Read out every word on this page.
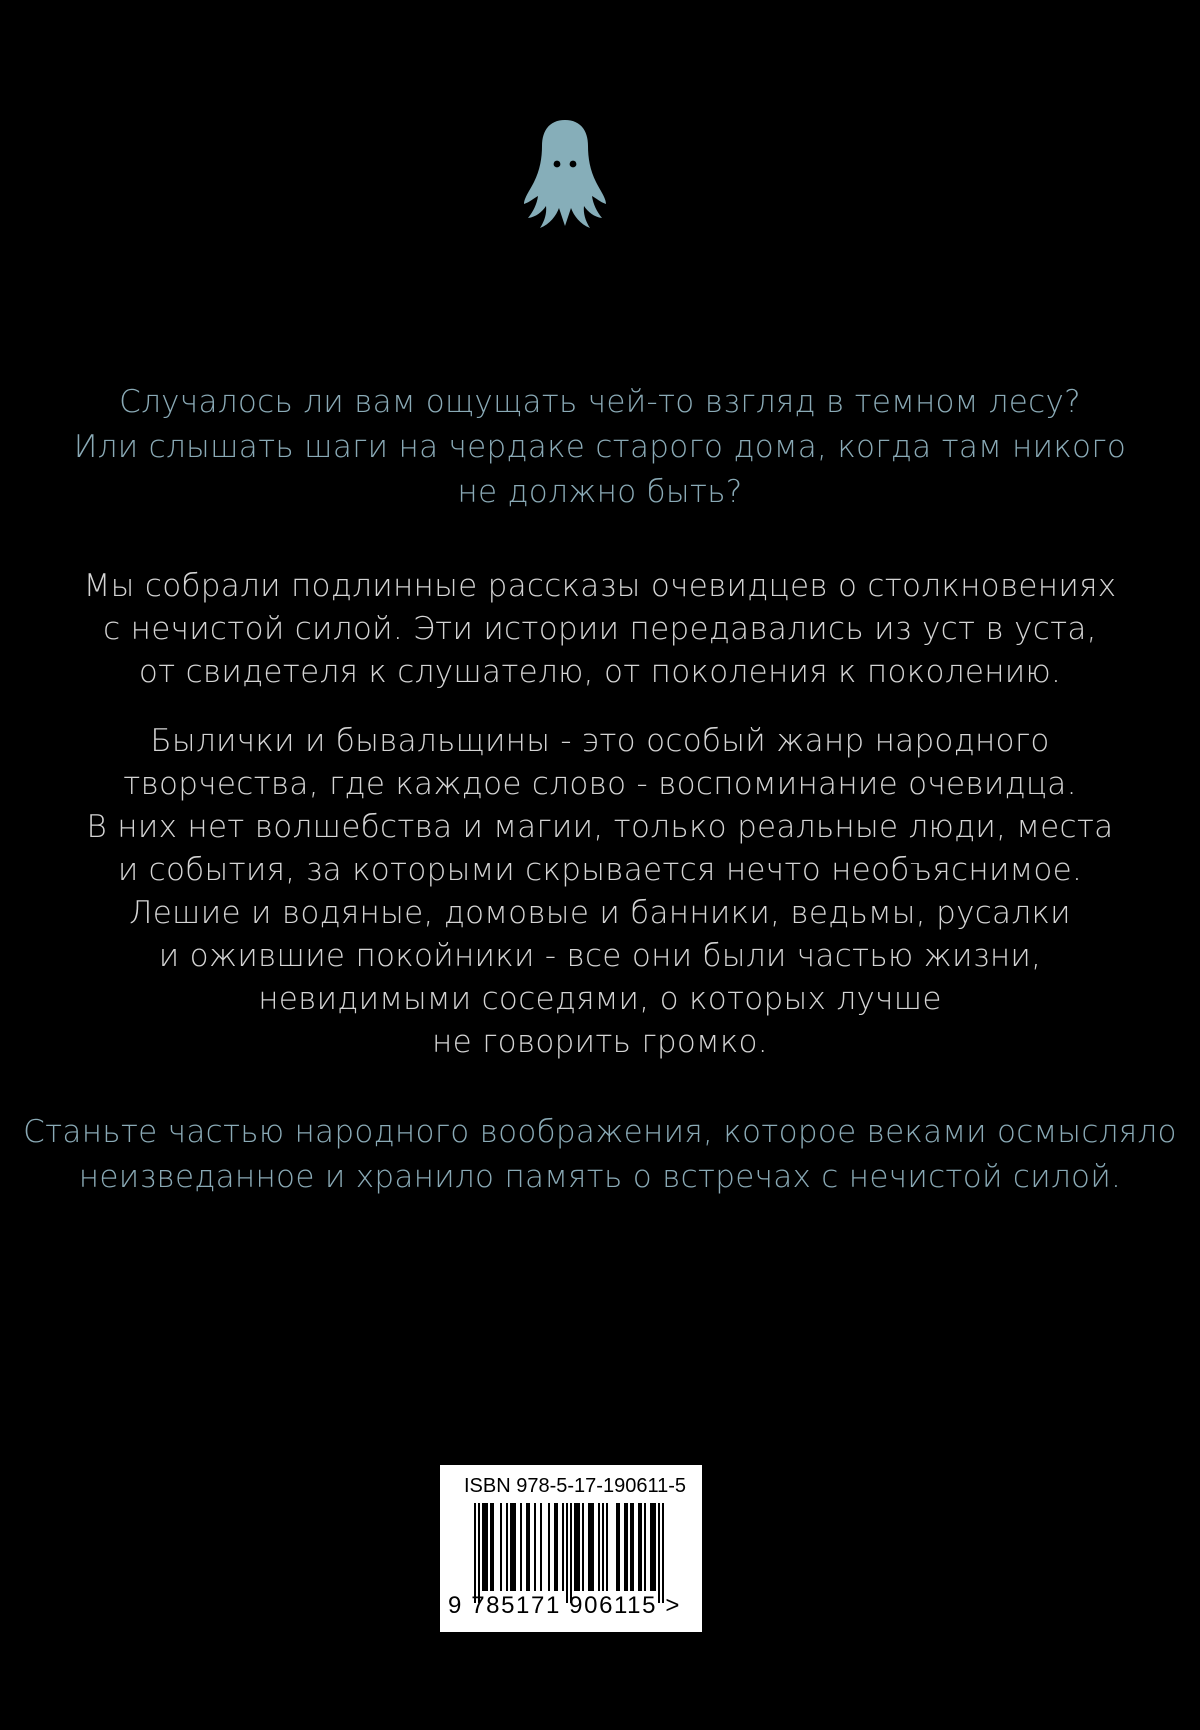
Случалось ли вам ощущать чей-то взгляд в темном лесу?
Или слышать шаги на чердаке старого дома, когда там никого
не должно быть?
Мы собрали подлинные рассказы очевидцев о столкновениях
с нечистой силой. Эти истории передавались из уст в уста,
от свидетеля к слушателю, от поколения к поколению.
Былички и бывальщины - это особый жанр народного
творчества, где каждое слово - воспоминание очевидца.
В них нет волшебства и магии, только реальные люди, места
и события, за которыми скрывается нечто необъяснимое.
Лешие и водяные, домовые и банники, ведьмы, русалки
и ожившие покойники - все они были частью жизни,
невидимыми соседями, о которых лучше
не говорить громко.
Станьте частью народного воображения, которое веками осмысляло
неизведанное и хранило память о встречах с нечистой силой.
ISBN 978-5-17-190611-5
9 785171 906115 >
